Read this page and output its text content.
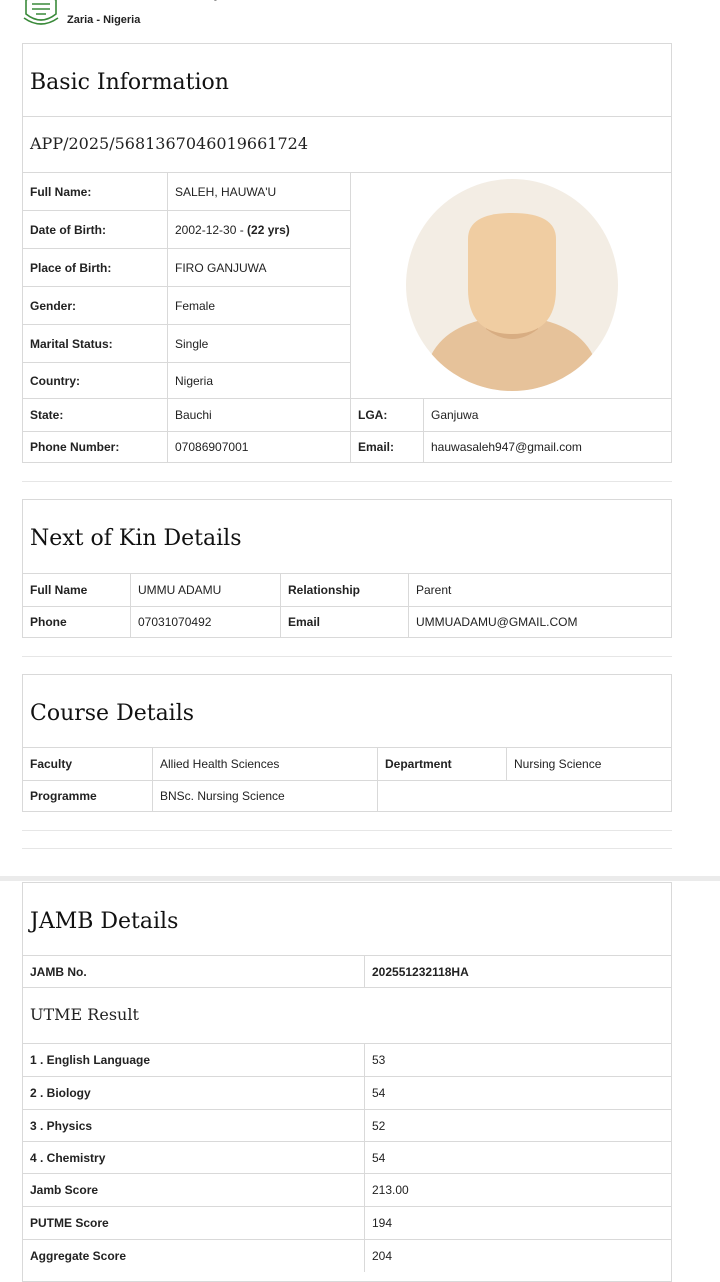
Zaria - Nigeria
Basic Information
APP/2025/5681367046019661724
Full Name:	SALEH, HAUWA'U
Date of Birth:	2002-12-30 - (22 yrs)
Place of Birth:	FIRO GANJUWA
Gender:	Female
Marital Status:	Single
Country:	Nigeria
State:	Bauchi	LGA:	Ganjuwa
Phone Number:	07086907001	Email:	hauwasaleh947@gmail.com
Next of Kin Details
Full Name	UMMU ADAMU	Relationship	Parent
Phone	07031070492	Email	UMMUADAMU@GMAIL.COM
Course Details
Faculty	Allied Health Sciences	Department	Nursing Science
Programme	BNSc. Nursing Science
JAMB Details
JAMB No.	202551232118HA
UTME Result
1 . English Language	53
2 . Biology	54
3 . Physics	52
4 . Chemistry	54
Jamb Score	213.00
PUTME Score	194
Aggregate Score	204
